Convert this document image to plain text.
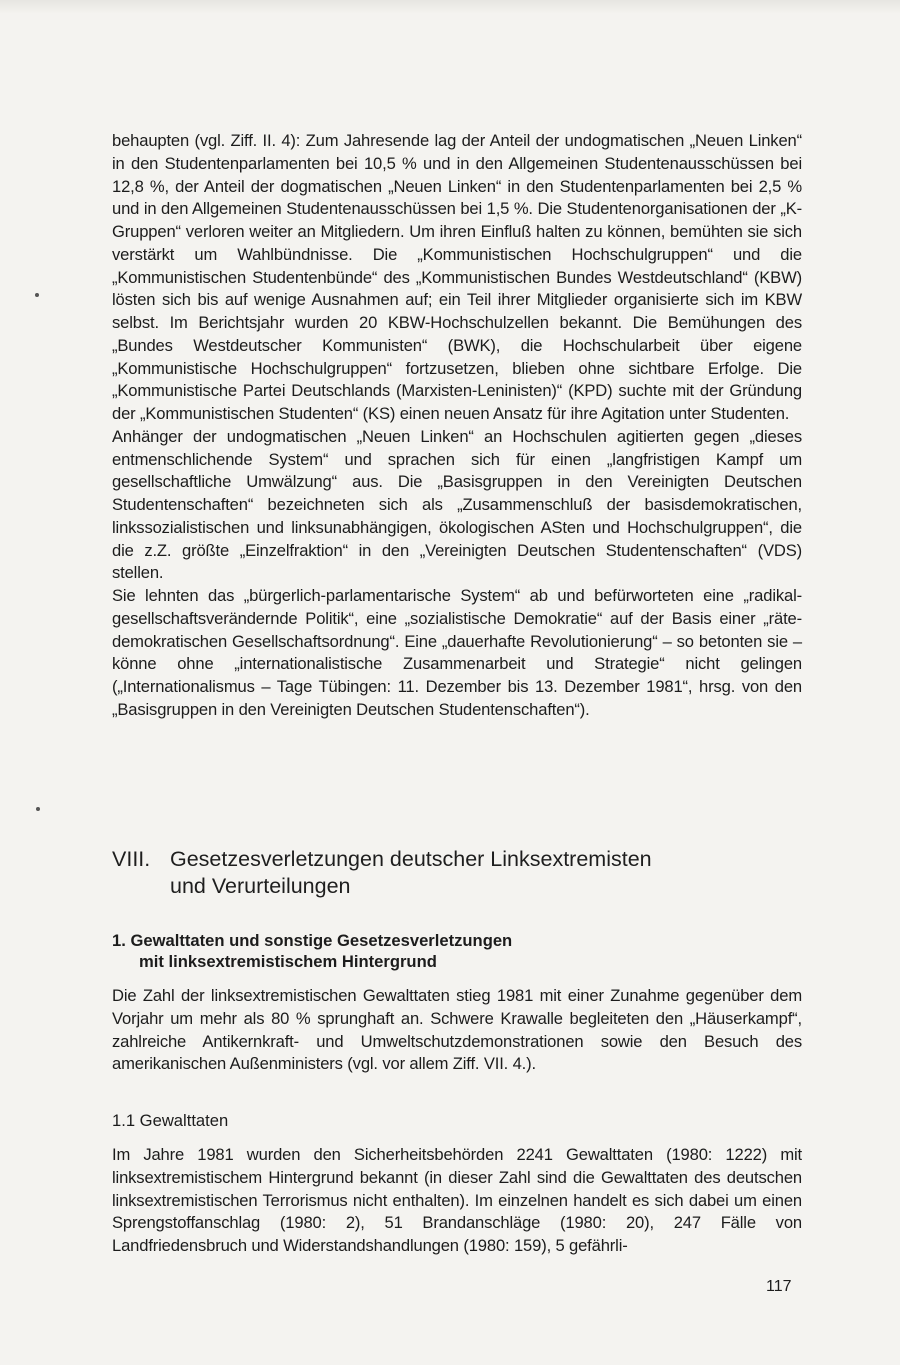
behaupten (vgl. Ziff. II. 4): Zum Jahresende lag der Anteil der undogmatischen „Neuen Linken“ in den Studentenparlamenten bei 10,5 % und in den Allgemeinen Studentenausschüssen bei 12,8 %, der Anteil der dogmatischen „Neuen Linken“ in den Studentenparlamenten bei 2,5 % und in den Allgemeinen Studentenausschüssen bei 1,5 %. Die Studentenorganisationen der „K-Gruppen“ verloren weiter an Mitgliedern. Um ihren Einfluß halten zu können, bemühten sie sich verstärkt um Wahlbündnisse. Die „Kommunistischen Hochschulgruppen“ und die „Kommunistischen Studentenbünde“ des „Kommunistischen Bundes Westdeutschland“ (KBW) lösten sich bis auf wenige Ausnahmen auf; ein Teil ihrer Mitglieder organisierte sich im KBW selbst. Im Berichtsjahr wurden 20 KBW-Hochschulzellen bekannt. Die Bemühungen des „Bundes Westdeutscher Kommunisten“ (BWK), die Hochschularbeit über eigene „Kommunistische Hochschulgruppen“ fortzusetzen, blieben ohne sichtbare Erfolge. Die „Kommunistische Partei Deutschlands (Marxisten-Leninisten)“ (KPD) suchte mit der Gründung der „Kommunistischen Studenten“ (KS) einen neuen Ansatz für ihre Agitation unter Studenten.

Anhänger der undogmatischen „Neuen Linken“ an Hochschulen agitierten gegen „dieses entmenschlichende System“ und sprachen sich für einen „langfristigen Kampf um gesellschaftliche Umwälzung“ aus. Die „Basisgruppen in den Vereinigten Deutschen Studentenschaften“ bezeichneten sich als „Zusammenschluß der basisdemokratischen, linkssozialistischen und linksunabhängigen, ökologischen ASten und Hochschulgruppen“, die die z.Z. größte „Einzelfraktion“ in den „Vereinigten Deutschen Studentenschaften“ (VDS) stellen.

Sie lehnten das „bürgerlich-parlamentarische System“ ab und befürworteten eine „radikal-gesellschaftsverändernde Politik“, eine „sozialistische Demokratie“ auf der Basis einer „räte-demokratischen Gesellschaftsordnung“. Eine „dauerhafte Revolutionierung“ – so betonten sie – könne ohne „internationalistische Zusammenarbeit und Strategie“ nicht gelingen („Internationalismus – Tage Tübingen: 11. Dezember bis 13. Dezember 1981“, hrsg. von den „Basisgruppen in den Vereinigten Deutschen Studentenschaften“).

VIII. Gesetzesverletzungen deutscher Linksextremisten
und Verurteilungen
1. Gewalttaten und sonstige Gesetzesverletzungen
mit linksextremistischem Hintergrund
Die Zahl der linksextremistischen Gewalttaten stieg 1981 mit einer Zunahme gegenüber dem Vorjahr um mehr als 80 % sprunghaft an. Schwere Krawalle begleiteten den „Häuserkampf“, zahlreiche Antikernkraft- und Umweltschutzdemonstrationen sowie den Besuch des amerikanischen Außenministers (vgl. vor allem Ziff. VII. 4.).
1.1 Gewalttaten
Im Jahre 1981 wurden den Sicherheitsbehörden 2241 Gewalttaten (1980: 1222) mit linksextremistischem Hintergrund bekannt (in dieser Zahl sind die Gewalttaten des deutschen linksextremistischen Terrorismus nicht enthalten). Im einzelnen handelt es sich dabei um einen Sprengstoffanschlag (1980: 2), 51 Brandanschläge (1980: 20), 247 Fälle von Landfriedensbruch und Widerstandshandlungen (1980: 159), 5 gefährli-
117
